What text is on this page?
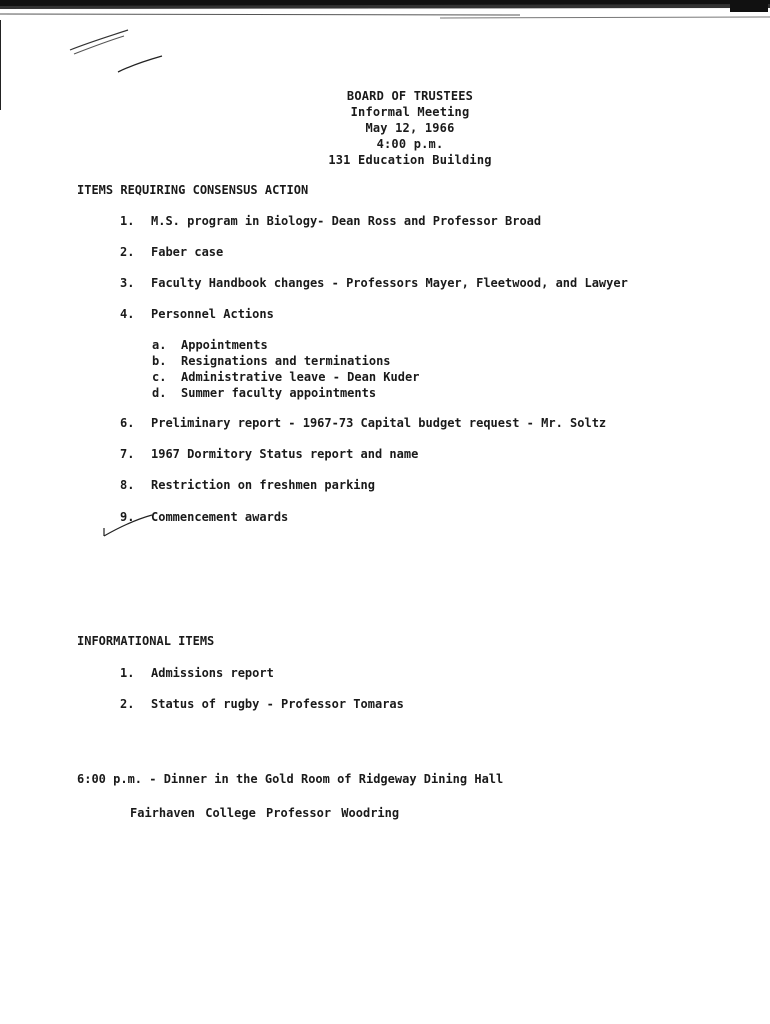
BOARD OF TRUSTEES
Informal Meeting
May 12, 1966
4:00 p.m.
131 Education Building
ITEMS REQUIRING CONSENSUS ACTION
1. M.S. program in Biology- Dean Ross and Professor Broad
2. Faber case
3. Faculty Handbook changes - Professors Mayer, Fleetwood, and Lawyer
4. Personnel Actions
a. Appointments
b. Resignations and terminations
c. Administrative leave - Dean Kuder
d. Summer faculty appointments
6. Preliminary report - 1967-73 Capital budget request - Mr. Soltz
7. 1967 Dormitory Status report and name
8. Restriction on freshmen parking
9. Commencement awards
INFORMATIONAL ITEMS
1. Admissions report
2. Status of rugby - Professor Tomaras
6:00 p.m. - Dinner in the Gold Room of Ridgeway Dining Hall
Fairhaven College Professor Woodring
